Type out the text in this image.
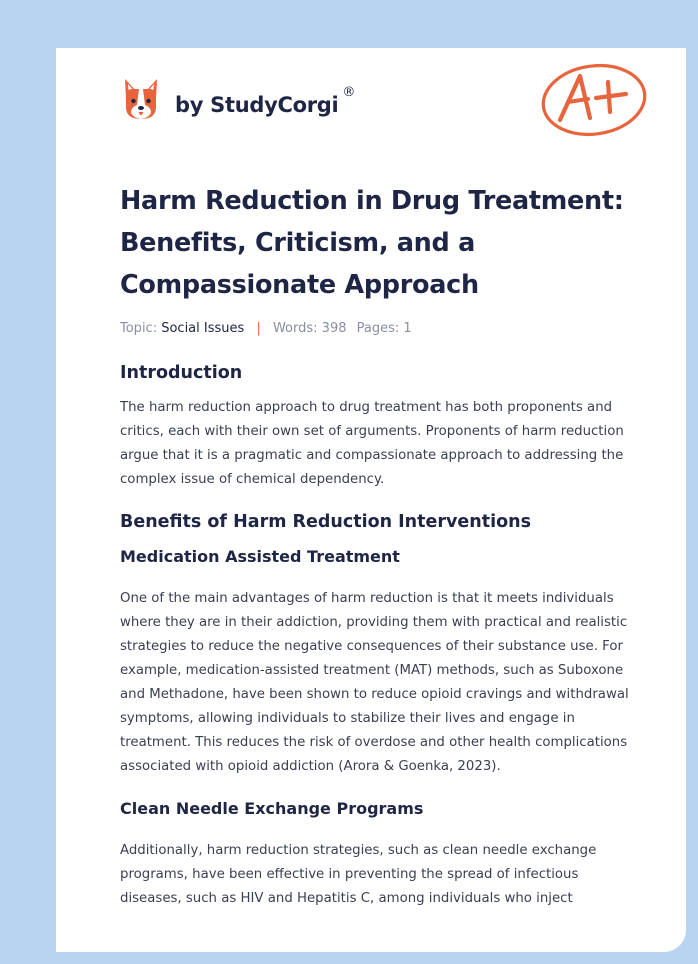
by StudyCorgi
®
Harm Reduction in Drug Treatment: Benefits, Criticism, and a Compassionate Approach
Topic: Social Issues | Words: 398 Pages: 1
Introduction

The harm reduction approach to drug treatment has both proponents and critics, each with their own set of arguments. Proponents of harm reduction argue that it is a pragmatic and compassionate approach to addressing the complex issue of chemical dependency.

Benefits of Harm Reduction Interventions
Medication Assisted Treatment

One of the main advantages of harm reduction is that it meets individuals where they are in their addiction, providing them with practical and realistic strategies to reduce the negative consequences of their substance use. For example, medication-assisted treatment (MAT) methods, such as Suboxone and Methadone, have been shown to reduce opioid cravings and withdrawal symptoms, allowing individuals to stabilize their lives and engage in treatment. This reduces the risk of overdose and other health complications associated with opioid addiction (Arora & Goenka, 2023).

Clean Needle Exchange Programs

Additionally, harm reduction strategies, such as clean needle exchange programs, have been effective in preventing the spread of infectious diseases, such as HIV and Hepatitis C, among individuals who inject
